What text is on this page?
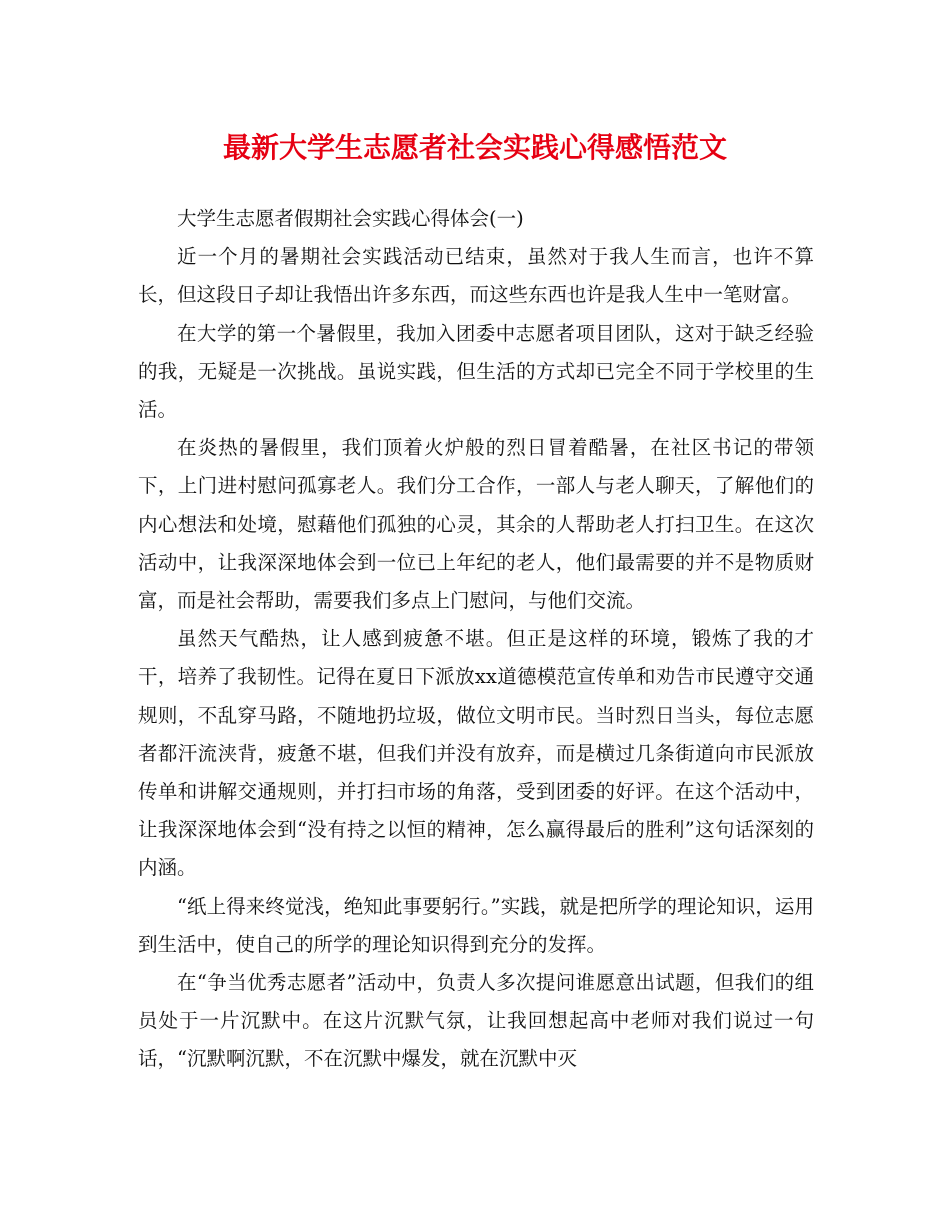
最新大学生志愿者社会实践心得感悟范文

大学生志愿者假期社会实践心得体会(一)

近一个月的暑期社会实践活动已结束，虽然对于我人生而言，也许不算长，但这段日子却让我悟出许多东西，而这些东西也许是我人生中一笔财富。

在大学的第一个暑假里，我加入团委中志愿者项目团队，这对于缺乏经验的我，无疑是一次挑战。虽说实践，但生活的方式却已完全不同于学校里的生活。

在炎热的暑假里，我们顶着火炉般的烈日冒着酷暑，在社区书记的带领下，上门进村慰问孤寡老人。我们分工合作，一部人与老人聊天，了解他们的内心想法和处境，慰藉他们孤独的心灵，其余的人帮助老人打扫卫生。在这次活动中，让我深深地体会到一位已上年纪的老人，他们最需要的并不是物质财富，而是社会帮助，需要我们多点上门慰问，与他们交流。

虽然天气酷热，让人感到疲惫不堪。但正是这样的环境，锻炼了我的才干，培养了我韧性。记得在夏日下派放xx道德模范宣传单和劝告市民遵守交通规则，不乱穿马路，不随地扔垃圾，做位文明市民。当时烈日当头，每位志愿者都汗流浃背，疲惫不堪，但我们并没有放弃，而是横过几条街道向市民派放传单和讲解交通规则，并打扫市场的角落，受到团委的好评。在这个活动中，让我深深地体会到“没有持之以恒的精神，怎么赢得最后的胜利”这句话深刻的内涵。

“纸上得来终觉浅，绝知此事要躬行。”实践，就是把所学的理论知识，运用到生活中，使自己的所学的理论知识得到充分的发挥。

在“争当优秀志愿者”活动中，负责人多次提问谁愿意出试题，但我们的组员处于一片沉默中。在这片沉默气氛，让我回想起高中老师对我们说过一句话，“沉默啊沉默，不在沉默中爆发，就在沉默中灭
